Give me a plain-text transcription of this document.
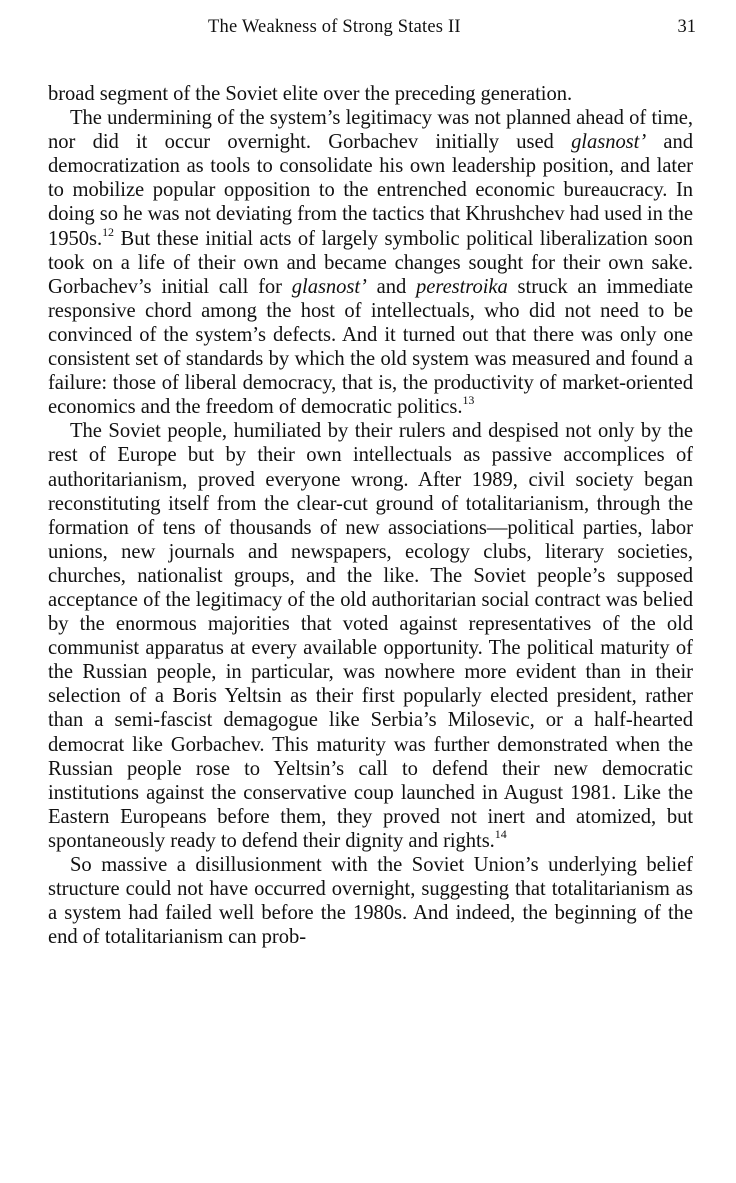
The Weakness of Strong States II	31

broad segment of the Soviet elite over the preceding generation.

The undermining of the system’s legitimacy was not planned ahead of time, nor did it occur overnight. Gorbachev initially used glasnost’ and democratization as tools to consolidate his own leadership position, and later to mobilize popular opposition to the entrenched economic bureaucracy. In doing so he was not deviating from the tactics that Khrushchev had used in the 1950s.$^{12}$ But these initial acts of largely symbolic political liberalization soon took on a life of their own and became changes sought for their own sake. Gorbachev’s initial call for glasnost’ and perestroika struck an immediate responsive chord among the host of intellectuals, who did not need to be convinced of the system’s defects. And it turned out that there was only one consistent set of standards by which the old system was measured and found a failure: those of liberal democracy, that is, the productivity of market-oriented economics and the freedom of democratic politics.$^{13}$

The Soviet people, humiliated by their rulers and despised not only by the rest of Europe but by their own intellectuals as passive accomplices of authoritarianism, proved everyone wrong. After 1989, civil society began reconstituting itself from the clear-cut ground of totalitarianism, through the formation of tens of thousands of new associations—political parties, labor unions, new journals and newspapers, ecology clubs, literary societies, churches, nationalist groups, and the like. The Soviet people’s supposed acceptance of the legitimacy of the old authoritarian social contract was belied by the enormous majorities that voted against representatives of the old communist apparatus at every available opportunity. The political maturity of the Russian people, in particular, was nowhere more evident than in their selection of a Boris Yeltsin as their first popularly elected president, rather than a semi-fascist demagogue like Serbia’s Milosevic, or a half-hearted democrat like Gorbachev. This maturity was further demonstrated when the Russian people rose to Yeltsin’s call to defend their new democratic institutions against the conservative coup launched in August 1981. Like the Eastern Europeans before them, they proved not inert and atomized, but spontaneously ready to defend their dignity and rights.$^{14}$

So massive a disillusionment with the Soviet Union’s underlying belief structure could not have occurred overnight, suggesting that totalitarianism as a system had failed well before the 1980s. And indeed, the beginning of the end of totalitarianism can prob-
